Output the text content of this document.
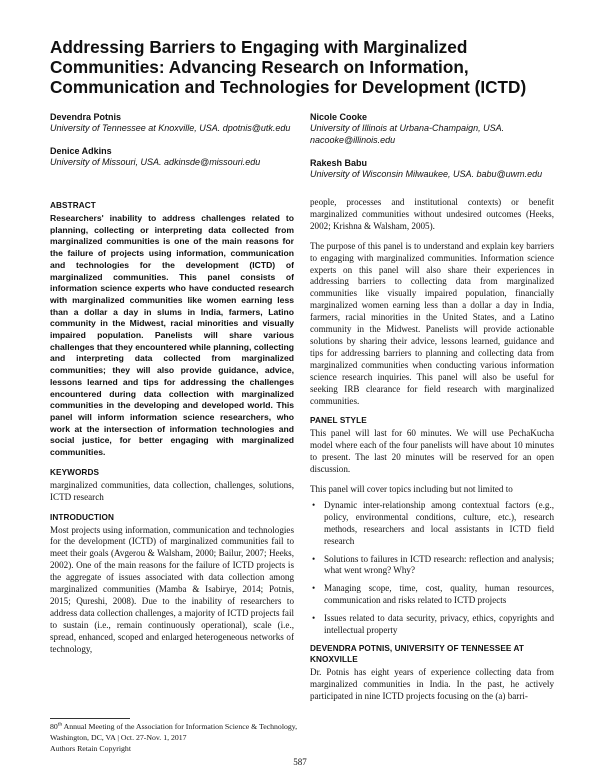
Addressing Barriers to Engaging with Marginalized Communities: Advancing Research on Information, Communication and Technologies for Development (ICTD)
Devendra Potnis
University of Tennessee at Knoxville, USA. dpotnis@utk.edu
Denice Adkins
University of Missouri, USA. adkinsde@missouri.edu
Nicole Cooke
University of Illinois at Urbana-Champaign, USA. nacooke@illinois.edu
Rakesh Babu
University of Wisconsin Milwaukee, USA. babu@uwm.edu
ABSTRACT

Researchers' inability to address challenges related to planning, collecting or interpreting data collected from marginalized communities is one of the main reasons for the failure of projects using information, communication and technologies for the development (ICTD) of marginalized communities. This panel consists of information science experts who have conducted research with marginalized communities like women earning less than a dollar a day in slums in India, farmers, Latino community in the Midwest, racial minorities and visually impaired population. Panelists will share various challenges that they encountered while planning, collecting and interpreting data collected from marginalized communities; they will also provide guidance, advice, lessons learned and tips for addressing the challenges encountered during data collection with marginalized communities in the developing and developed world. This panel will inform information science researchers, who work at the intersection of information technologies and social justice, for better engaging with marginalized communities.

KEYWORDS

marginalized communities, data collection, challenges, solutions, ICTD research

INTRODUCTION

Most projects using information, communication and technologies for the development (ICTD) of marginalized communities fail to meet their goals (Avgerou & Walsham, 2000; Bailur, 2007; Heeks, 2002). One of the main reasons for the failure of ICTD projects is the aggregate of issues associated with data collection among marginalized communities (Mamba & Isabirye, 2014; Potnis, 2015; Qureshi, 2008). Due to the inability of researchers to address data collection challenges, a majority of ICTD projects fail to sustain (i.e., remain continuously operational), scale (i.e., spread, enhanced, scoped and enlarged heterogeneous networks of technology,

people, processes and institutional contexts) or benefit marginalized communities without undesired outcomes (Heeks, 2002; Krishna & Walsham, 2005).

The purpose of this panel is to understand and explain key barriers to engaging with marginalized communities. Information science experts on this panel will also share their experiences in addressing barriers to collecting data from marginalized communities like visually impaired population, financially marginalized women earning less than a dollar a day in India, farmers, racial minorities in the United States, and a Latino community in the Midwest. Panelists will provide actionable solutions by sharing their advice, lessons learned, guidance and tips for addressing barriers to planning and collecting data from marginalized communities when conducting various information science research inquiries. This panel will also be useful for seeking IRB clearance for field research with marginalized communities.

PANEL STYLE

This panel will last for 60 minutes. We will use PechaKucha model where each of the four panelists will have about 10 minutes to present. The last 20 minutes will be reserved for an open discussion.

This panel will cover topics including but not limited to

• Dynamic inter-relationship among contextual factors (e.g., policy, environmental conditions, culture, etc.), research methods, researchers and local assistants in ICTD field research
• Solutions to failures in ICTD research: reflection and analysis; what went wrong? Why?
• Managing scope, time, cost, quality, human resources, communication and risks related to ICTD projects
• Issues related to data security, privacy, ethics, copyrights and intellectual property
DEVENDRA POTNIS, UNIVERSITY OF TENNESSEE AT KNOXVILLE

Dr. Potnis has eight years of experience collecting data from marginalized communities in India. In the past, he actively participated in nine ICTD projects focusing on the (a) barri-

80th Annual Meeting of the Association for Information Science & Technology, Washington, DC, VA | Oct. 27-Nov. 1, 2017

Authors Retain Copyright

587
